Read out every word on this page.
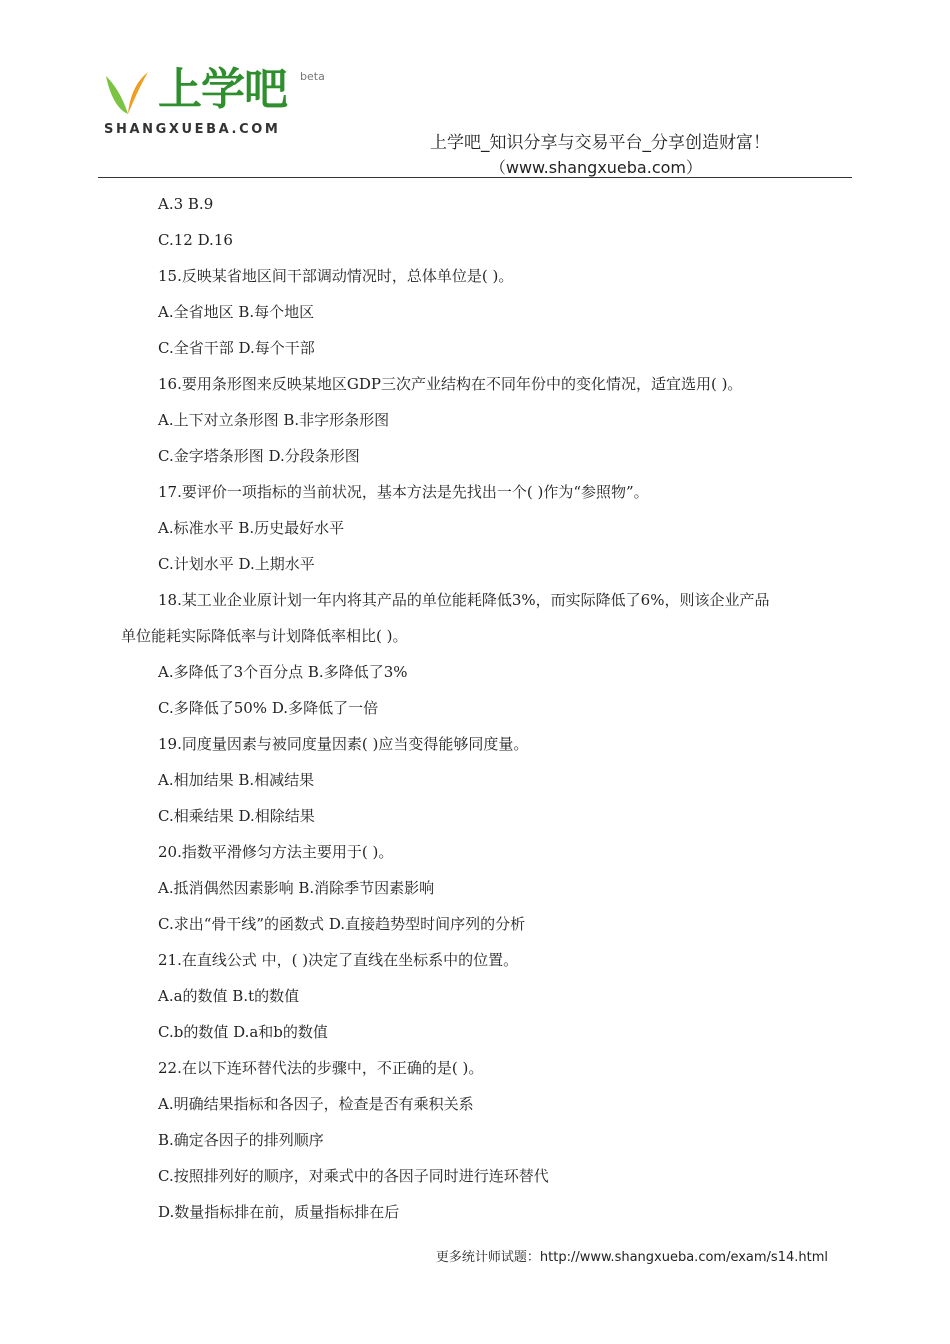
上学吧 beta
SHANGXUEBA.COM
上学吧_知识分享与交易平台_分享创造财富！
（www.shangxueba.com）
A.3 B.9
C.12 D.16
15.反映某省地区间干部调动情况时，总体单位是( )。
A.全省地区 B.每个地区
C.全省干部 D.每个干部
16.要用条形图来反映某地区GDP三次产业结构在不同年份中的变化情况，适宜选用( )。
A.上下对立条形图 B.非字形条形图
C.金字塔条形图 D.分段条形图
17.要评价一项指标的当前状况，基本方法是先找出一个( )作为“参照物”。
A.标准水平 B.历史最好水平
C.计划水平 D.上期水平
18.某工业企业原计划一年内将其产品的单位能耗降低3%，而实际降低了6%，则该企业产品
单位能耗实际降低率与计划降低率相比( )。
A.多降低了3个百分点 B.多降低了3%
C.多降低了50% D.多降低了一倍
19.同度量因素与被同度量因素( )应当变得能够同度量。
A.相加结果 B.相减结果
C.相乘结果 D.相除结果
20.指数平滑修匀方法主要用于( )。
A.抵消偶然因素影响 B.消除季节因素影响
C.求出“骨干线”的函数式 D.直接趋势型时间序列的分析
21.在直线公式 中，( )决定了直线在坐标系中的位置。
A.a的数值 B.t的数值
C.b的数值 D.a和b的数值
22.在以下连环替代法的步骤中，不正确的是( )。
A.明确结果指标和各因子，检查是否有乘积关系
B.确定各因子的排列顺序
C.按照排列好的顺序，对乘式中的各因子同时进行连环替代
D.数量指标排在前，质量指标排在后
更多统计师试题：http://www.shangxueba.com/exam/s14.html
